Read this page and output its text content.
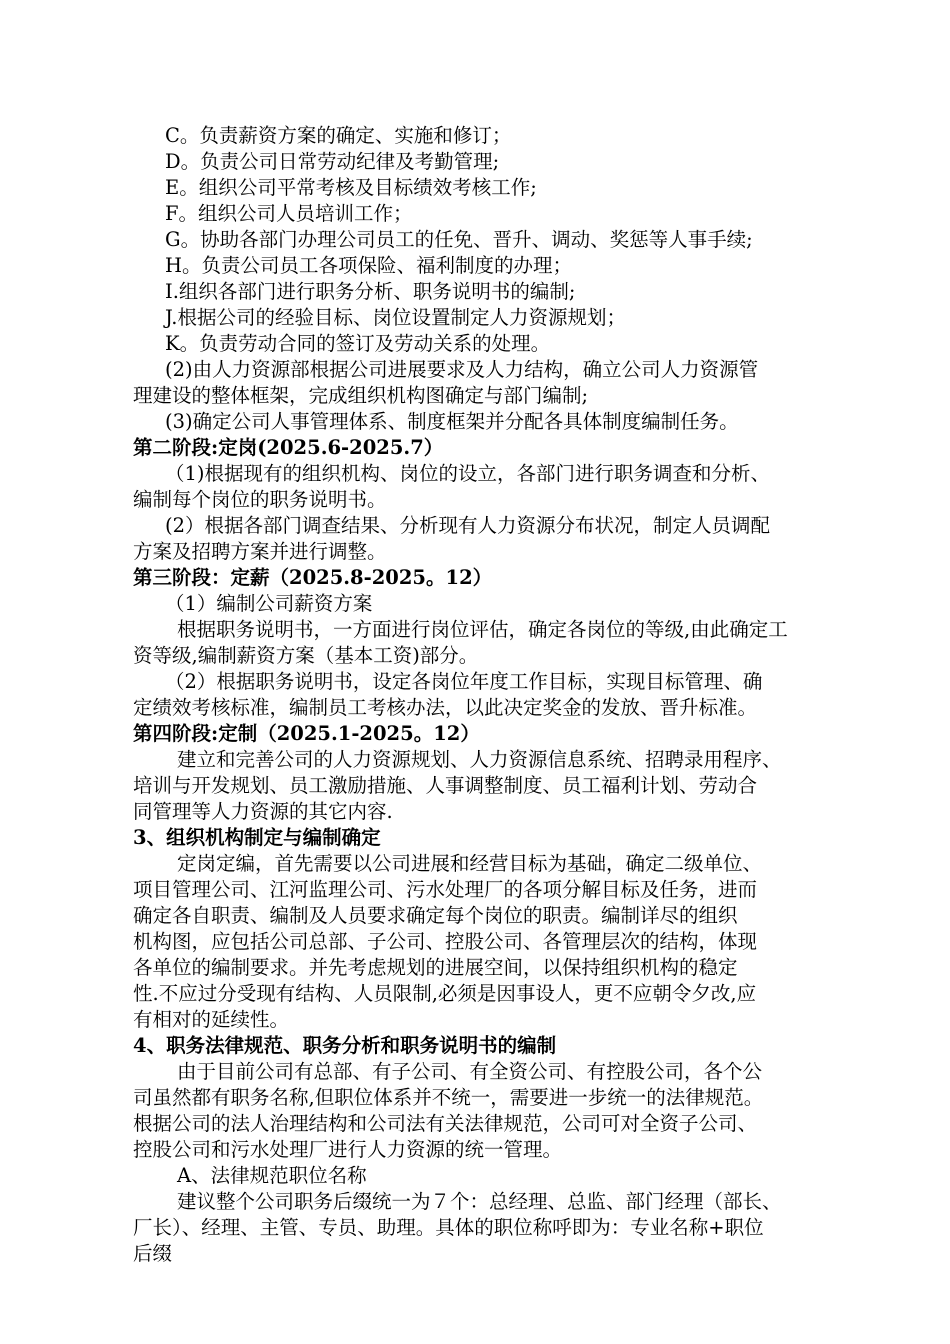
C。负责薪资方案的确定、实施和修订；
D。负责公司日常劳动纪律及考勤管理;
E。组织公司平常考核及目标绩效考核工作;
F。组织公司人员培训工作；
G。协助各部门办理公司员工的任免、晋升、调动、奖惩等人事手续;
H。负责公司员工各项保险、福利制度的办理；
I.组织各部门进行职务分析、职务说明书的编制;
J.根据公司的经验目标、岗位设置制定人力资源规划；
K。负责劳动合同的签订及劳动关系的处理。
(2)由人力资源部根据公司进展要求及人力结构，确立公司人力资源管
理建设的整体框架，完成组织机构图确定与部门编制;
(3)确定公司人事管理体系、制度框架并分配各具体制度编制任务。
第二阶段:定岗(2025.6-2025.7）
（1)根据现有的组织机构、岗位的设立，各部门进行职务调查和分析、
编制每个岗位的职务说明书。
(2）根据各部门调查结果、分析现有人力资源分布状况，制定人员调配
方案及招聘方案并进行调整。
第三阶段：定薪（2025.8-2025。12）
（1）编制公司薪资方案
根据职务说明书，一方面进行岗位评估，确定各岗位的等级,由此确定工
资等级,编制薪资方案（基本工资)部分。
（2）根据职务说明书，设定各岗位年度工作目标，实现目标管理、确
定绩效考核标准，编制员工考核办法，以此决定奖金的发放、晋升标准。
第四阶段:定制（2025.1-2025。12）
建立和完善公司的人力资源规划、人力资源信息系统、招聘录用程序、
培训与开发规划、员工激励措施、人事调整制度、员工福利计划、劳动合
同管理等人力资源的其它内容.
3、组织机构制定与编制确定
定岗定编，首先需要以公司进展和经营目标为基础，确定二级单位、
项目管理公司、江河监理公司、污水处理厂的各项分解目标及任务，进而
确定各自职责、编制及人员要求确定每个岗位的职责。编制详尽的组织
机构图，应包括公司总部、子公司、控股公司、各管理层次的结构，体现
各单位的编制要求。并先考虑规划的进展空间，以保持组织机构的稳定
性.不应过分受现有结构、人员限制,必须是因事设人，更不应朝令夕改,应
有相对的延续性。
4、职务法律规范、职务分析和职务说明书的编制
由于目前公司有总部、有子公司、有全资公司、有控股公司，各个公
司虽然都有职务名称,但职位体系并不统一，需要进一步统一的法律规范。
根据公司的法人治理结构和公司法有关法律规范，公司可对全资子公司、
控股公司和污水处理厂进行人力资源的统一管理。
A、法律规范职位名称
建议整个公司职务后缀统一为７个：总经理、总监、部门经理（部长、
厂长）、经理、主管、专员、助理。具体的职位称呼即为：专业名称+职位
后缀
